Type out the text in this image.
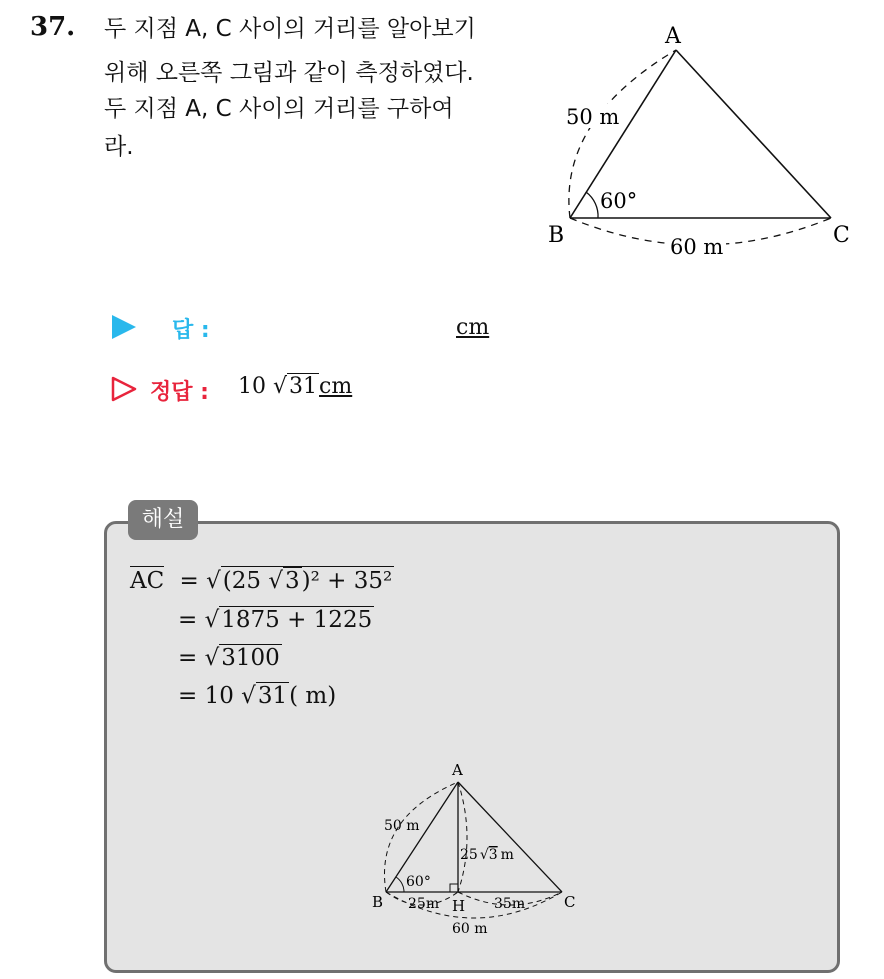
37. 두 지점 A, C 사이의 거리를 알아보기
위해 오른쪽 그림과 같이 측정하였다.
두 지점 A, C 사이의 거리를 구하여
라.
A
B	C
50 m
60°
60 m
답 :	cm
정답 : 10 √31cm
해설
AC = √(25 √3)² + 35²
= √1875 + 1225
= √3100
= 10 √31( m)
A
B	C
H
50 m
25 √3 m
60°
25m	35m
60 m
